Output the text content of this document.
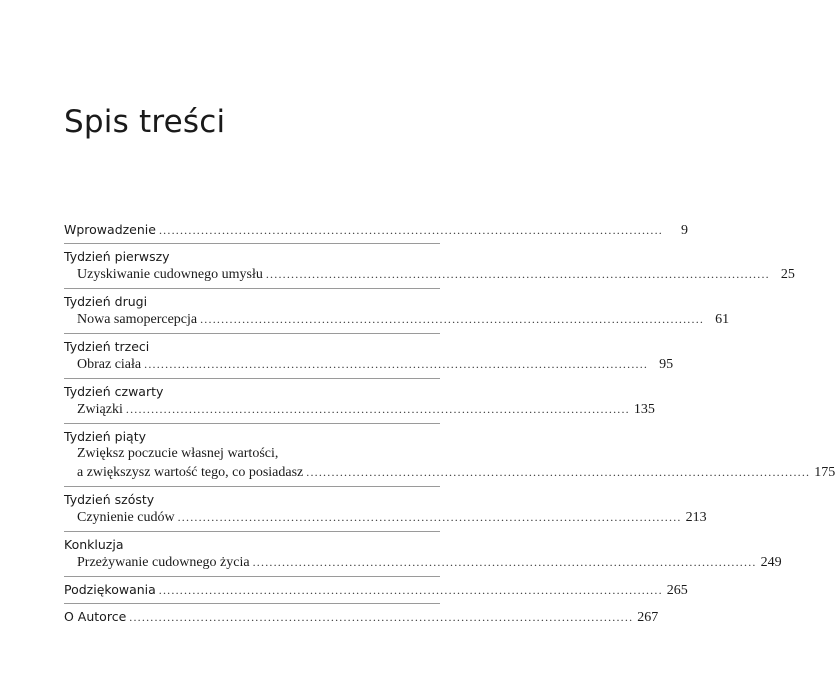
Spis treści
Wprowadzenie ........................................................................................................................	9
Tydzień pierwszy
Uzyskiwanie cudownego umysłu ........................................................................................................................ 25
Tydzień drugi
Nowa samopercepcja ........................................................................................................................ 61
Tydzień trzeci
Obraz ciała ........................................................................................................................ 95
Tydzień czwarty
Związki ........................................................................................................................ 135
Tydzień piąty
Zwiększ poczucie własnej wartości,
a zwiększysz wartość tego, co posiadasz ........................................................................................................................ 175
Tydzień szósty
Czynienie cudów ........................................................................................................................ 213
Konkluzja
Przeżywanie cudownego życia ........................................................................................................................ 249
Podziękowania ........................................................................................................................ 265
O Autorce ........................................................................................................................ 267
